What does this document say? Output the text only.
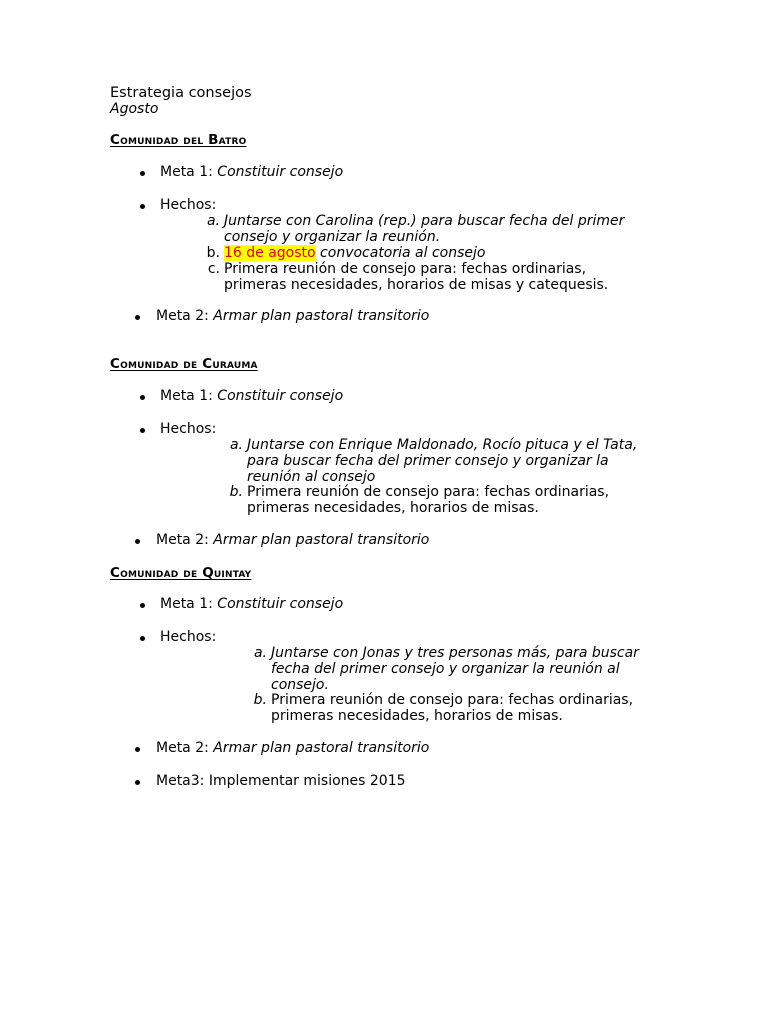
Estrategia consejos
Agosto
Comunidad del Batro
Meta 1: Constituir consejo
Hechos:
a. Juntarse con Carolina (rep.) para buscar fecha del primer
consejo y organizar la reunión.
b. 16 de agosto convocatoria al consejo
c. Primera reunión de consejo para: fechas ordinarias,
primeras necesidades, horarios de misas y catequesis.
Meta 2: Armar plan pastoral transitorio
Comunidad de Curauma
Meta 1: Constituir consejo
Hechos:
a. Juntarse con Enrique Maldonado, Rocío pituca y el Tata,
para buscar fecha del primer consejo y organizar la
reunión al consejo
b. Primera reunión de consejo para: fechas ordinarias,
primeras necesidades, horarios de misas.
Meta 2: Armar plan pastoral transitorio
Comunidad de Quintay
Meta 1: Constituir consejo
Hechos:
a. Juntarse con Jonas y tres personas más, para buscar
fecha del primer consejo y organizar la reunión al
consejo.
b. Primera reunión de consejo para: fechas ordinarias,
primeras necesidades, horarios de misas.
Meta 2: Armar plan pastoral transitorio
Meta3: Implementar misiones 2015
